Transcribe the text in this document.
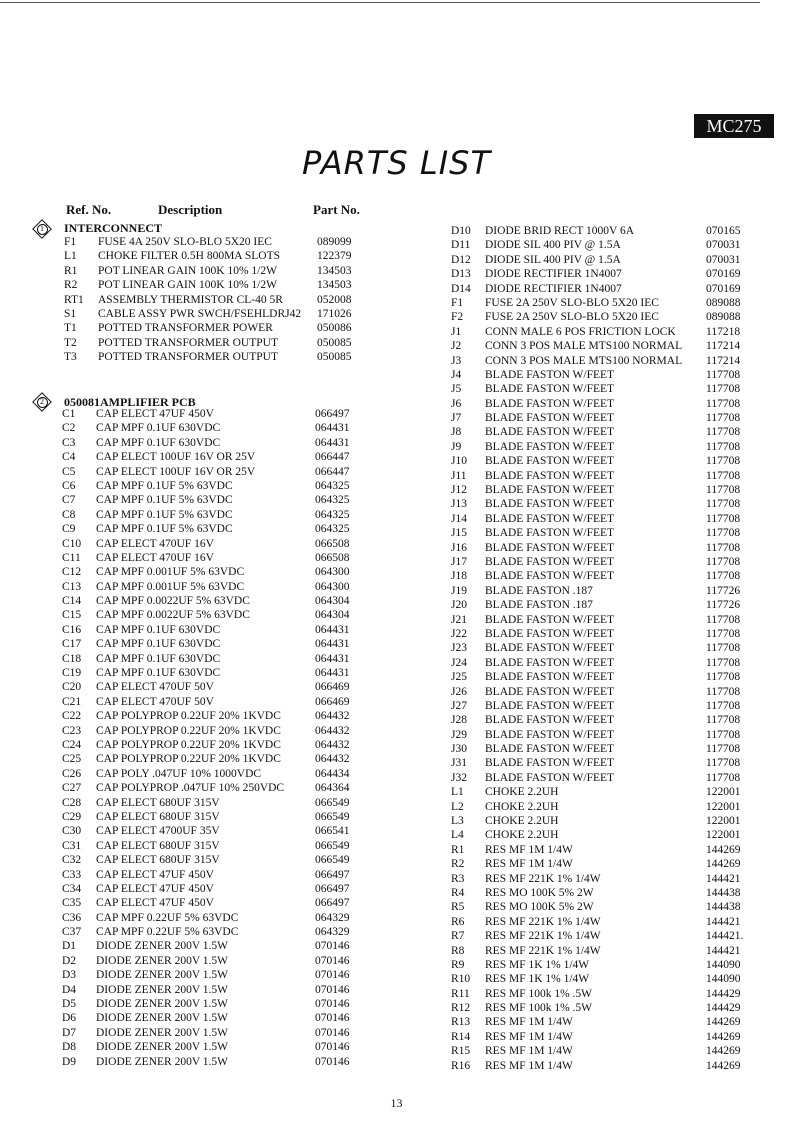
MC275
PARTS LIST
Ref. No.	Description	Part No.
1	INTERCONNECT
F1 FUSE 4A 250V SLO-BLO 5X20 IEC	089099
L1 CHOKE FILTER 0.5H 800MA SLOTS	122379
R1 POT LINEAR GAIN 100K 10% 1/2W	134503
R2 POT LINEAR GAIN 100K 10% 1/2W	134503
RT1 ASSEMBLY THERMISTOR CL-40 5R	052008
S1 CABLE ASSY PWR SWCH/FSEHLDRJ42 171026
T1 POTTED TRANSFORMER POWER	050086
T2 POTTED TRANSFORMER OUTPUT	050085
T3 POTTED TRANSFORMER OUTPUT	050085
2	050081AMPLIFIER PCB
C1 CAP ELECT 47UF 450V	066497
C2 CAP MPF 0.1UF 630VDC	064431
C3 CAP MPF 0.1UF 630VDC	064431
C4 CAP ELECT 100UF 16V OR 25V	066447
C5 CAP ELECT 100UF 16V OR 25V	066447
C6 CAP MPF 0.1UF 5% 63VDC	064325
C7 CAP MPF 0.1UF 5% 63VDC	064325
C8 CAP MPF 0.1UF 5% 63VDC	064325
C9 CAP MPF 0.1UF 5% 63VDC	064325
C10 CAP ELECT 470UF 16V	066508
C11 CAP ELECT 470UF 16V	066508
C12 CAP MPF 0.001UF 5% 63VDC	064300
C13 CAP MPF 0.001UF 5% 63VDC	064300
C14 CAP MPF 0.0022UF 5% 63VDC	064304
C15 CAP MPF 0.0022UF 5% 63VDC	064304
C16 CAP MPF 0.1UF 630VDC	064431
C17 CAP MPF 0.1UF 630VDC	064431
C18 CAP MPF 0.1UF 630VDC	064431
C19 CAP MPF 0.1UF 630VDC	064431
C20 CAP ELECT 470UF 50V	066469
C21 CAP ELECT 470UF 50V	066469
C22 CAP POLYPROP 0.22UF 20% 1KVDC	064432
C23 CAP POLYPROP 0.22UF 20% 1KVDC	064432
C24 CAP POLYPROP 0.22UF 20% 1KVDC	064432
C25 CAP POLYPROP 0.22UF 20% 1KVDC	064432
C26 CAP POLY .047UF 10% 1000VDC	064434
C27 CAP POLYPROP .047UF 10% 250VDC	064364
C28 CAP ELECT 680UF 315V	066549
C29 CAP ELECT 680UF 315V	066549
C30 CAP ELECT 4700UF 35V	066541
C31 CAP ELECT 680UF 315V	066549
C32 CAP ELECT 680UF 315V	066549
C33 CAP ELECT 47UF 450V	066497
C34 CAP ELECT 47UF 450V	066497
C35 CAP ELECT 47UF 450V	066497
C36 CAP MPF 0.22UF 5% 63VDC	064329
C37 CAP MPF 0.22UF 5% 63VDC	064329
D1 DIODE ZENER 200V 1.5W	070146
D2 DIODE ZENER 200V 1.5W	070146
D3 DIODE ZENER 200V 1.5W	070146
D4 DIODE ZENER 200V 1.5W	070146
D5 DIODE ZENER 200V 1.5W	070146
D6 DIODE ZENER 200V 1.5W	070146
D7 DIODE ZENER 200V 1.5W	070146
D8 DIODE ZENER 200V 1.5W	070146
D9 DIODE ZENER 200V 1.5W	070146
D10 DIODE BRID RECT 1000V 6A	070165
D11 DIODE SIL 400 PIV @ 1.5A	070031
D12 DIODE SIL 400 PIV @ 1.5A	070031
D13 DIODE RECTIFIER 1N4007	070169
D14 DIODE RECTIFIER 1N4007	070169
F1 FUSE 2A 250V SLO-BLO 5X20 IEC	089088
F2 FUSE 2A 250V SLO-BLO 5X20 IEC	089088
J1 CONN MALE 6 POS FRICTION LOCK	117218
J2 CONN 3 POS MALE MTS100 NORMAL 117214
J3 CONN 3 POS MALE MTS100 NORMAL 117214
J4 BLADE FASTON W/FEET	117708
J5 BLADE FASTON W/FEET	117708
J6 BLADE FASTON W/FEET	117708
J7 BLADE FASTON W/FEET	117708
J8 BLADE FASTON W/FEET	117708
J9 BLADE FASTON W/FEET	117708
J10 BLADE FASTON W/FEET	117708
J11 BLADE FASTON W/FEET	117708
J12 BLADE FASTON W/FEET	117708
J13 BLADE FASTON W/FEET	117708
J14 BLADE FASTON W/FEET	117708
J15 BLADE FASTON W/FEET	117708
J16 BLADE FASTON W/FEET	117708
J17 BLADE FASTON W/FEET	117708
J18 BLADE FASTON W/FEET	117708
J19 BLADE FASTON .187	117726
J20 BLADE FASTON .187	117726
J21 BLADE FASTON W/FEET	117708
J22 BLADE FASTON W/FEET	117708
J23 BLADE FASTON W/FEET	117708
J24 BLADE FASTON W/FEET	117708
J25 BLADE FASTON W/FEET	117708
J26 BLADE FASTON W/FEET	117708
J27 BLADE FASTON W/FEET	117708
J28 BLADE FASTON W/FEET	117708
J29 BLADE FASTON W/FEET	117708
J30 BLADE FASTON W/FEET	117708
J31 BLADE FASTON W/FEET	117708
J32 BLADE FASTON W/FEET	117708
L1 CHOKE 2.2UH	122001
L2 CHOKE 2.2UH	122001
L3 CHOKE 2.2UH	122001
L4 CHOKE 2.2UH	122001
R1 RES MF 1M 1/4W	144269
R2 RES MF 1M 1/4W	144269
R3 RES MF 221K 1% 1/4W	144421
R4 RES MO 100K 5% 2W	144438
R5 RES MO 100K 5% 2W	144438
R6 RES MF 221K 1% 1/4W	144421
R7 RES MF 221K 1% 1/4W	144421.
R8 RES MF 221K 1% 1/4W	144421
R9 RES MF 1K 1% 1/4W	144090
R10 RES MF 1K 1% 1/4W	144090
R11 RES MF 100k 1% .5W	144429
R12 RES MF 100k 1% .5W	144429
R13 RES MF 1M 1/4W	144269
R14 RES MF 1M 1/4W	144269
R15 RES MF 1M 1/4W	144269
R16 RES MF 1M 1/4W	144269
13
